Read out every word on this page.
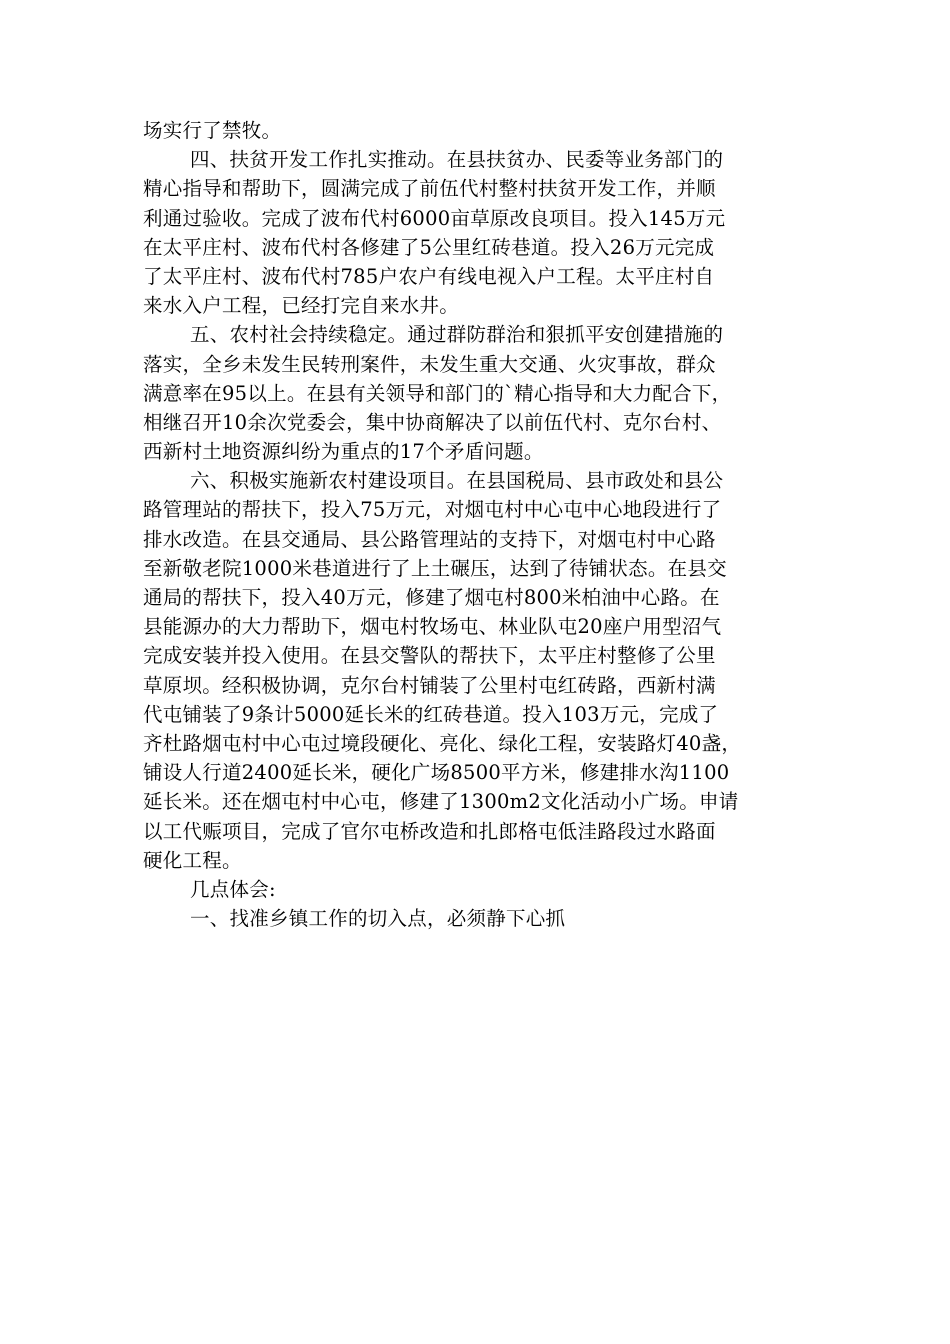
场实行了禁牧。
四、扶贫开发工作扎实推动。在县扶贫办、民委等业务部门的
精心指导和帮助下，圆满完成了前伍代村整村扶贫开发工作，并顺
利通过验收。完成了波布代村6000亩草原改良项目。投入145万元
在太平庄村、波布代村各修建了5公里红砖巷道。投入26万元完成
了太平庄村、波布代村785户农户有线电视入户工程。太平庄村自
来水入户工程，已经打完自来水井。
五、农村社会持续稳定。通过群防群治和狠抓平安创建措施的
落实，全乡未发生民转刑案件，未发生重大交通、火灾事故，群众
满意率在95以上。在县有关领导和部门的`精心指导和大力配合下，
相继召开10余次党委会，集中协商解决了以前伍代村、克尔台村、
西新村土地资源纠纷为重点的17个矛盾问题。
六、积极实施新农村建设项目。在县国税局、县市政处和县公
路管理站的帮扶下，投入75万元，对烟屯村中心屯中心地段进行了
排水改造。在县交通局、县公路管理站的支持下，对烟屯村中心路
至新敬老院1000米巷道进行了上土碾压，达到了待铺状态。在县交
通局的帮扶下，投入40万元，修建了烟屯村800米柏油中心路。在
县能源办的大力帮助下，烟屯村牧场屯、林业队屯20座户用型沼气
完成安装并投入使用。在县交警队的帮扶下，太平庄村整修了公里
草原坝。经积极协调，克尔台村铺装了公里村屯红砖路，西新村满
代屯铺装了9条计5000延长米的红砖巷道。投入103万元，完成了
齐杜路烟屯村中心屯过境段硬化、亮化、绿化工程，安装路灯40盏，
铺设人行道2400延长米，硬化广场8500平方米，修建排水沟1100
延长米。还在烟屯村中心屯，修建了1300m2文化活动小广场。申请
以工代赈项目，完成了官尔屯桥改造和扎郎格屯低洼路段过水路面
硬化工程。
几点体会:
一、找准乡镇工作的切入点，必须静下心抓
